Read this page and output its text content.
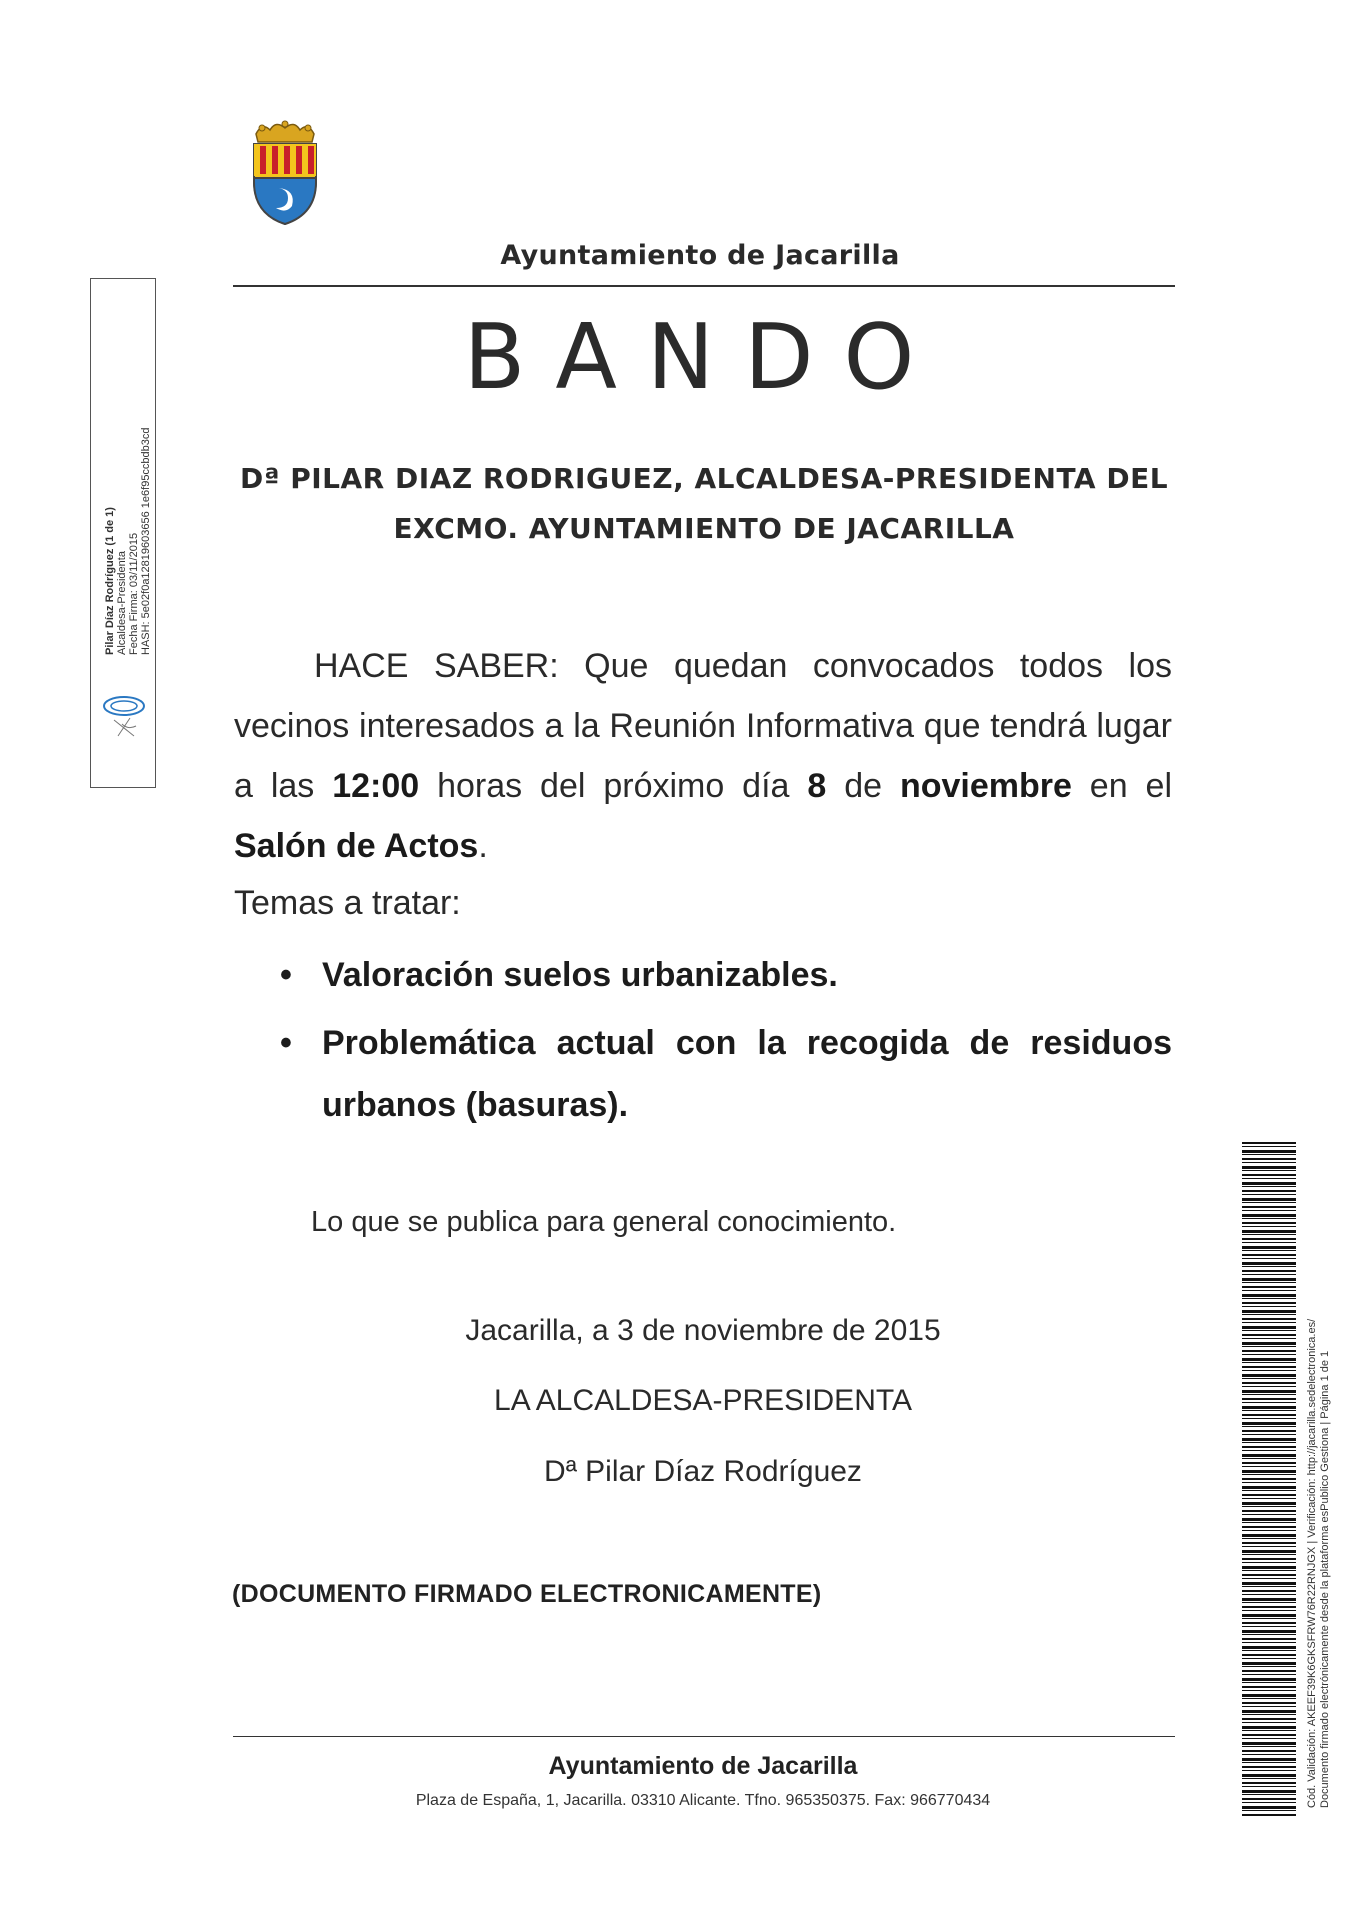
Ayuntamiento de Jacarilla
BANDO
Dª PILAR DIAZ RODRIGUEZ, ALCALDESA-PRESIDENTA DEL
EXCMO. AYUNTAMIENTO DE JACARILLA
HACE SABER: Que quedan convocados todos los vecinos interesados a la Reunión Informativa que tendrá lugar a las 12:00 horas del próximo día 8 de noviembre en el Salón de Actos.
Temas a tratar:
• Valoración suelos urbanizables.
• Problemática actual con la recogida de residuos urbanos (basuras).
Lo que se publica para general conocimiento.
Jacarilla, a 3 de noviembre de 2015
LA ALCALDESA-PRESIDENTA
Dª Pilar Díaz Rodríguez
(DOCUMENTO FIRMADO ELECTRONICAMENTE)
Ayuntamiento de Jacarilla
Plaza de España, 1, Jacarilla. 03310 Alicante. Tfno. 965350375. Fax: 966770434
Pilar Díaz Rodríguez (1 de 1) Alcaldesa-Presidenta Fecha Firma: 03/11/2015 HASH: 5e02f0a12819603656 1e6f95ccbdb3cd
Cód. Validación: AKEEF39K6GKSFRW76R22RNJGX | Verificación: http://jacarilla.sedelectronica.es/ Documento firmado electrónicamente desde la plataforma esPublico Gestiona | Página 1 de 1
